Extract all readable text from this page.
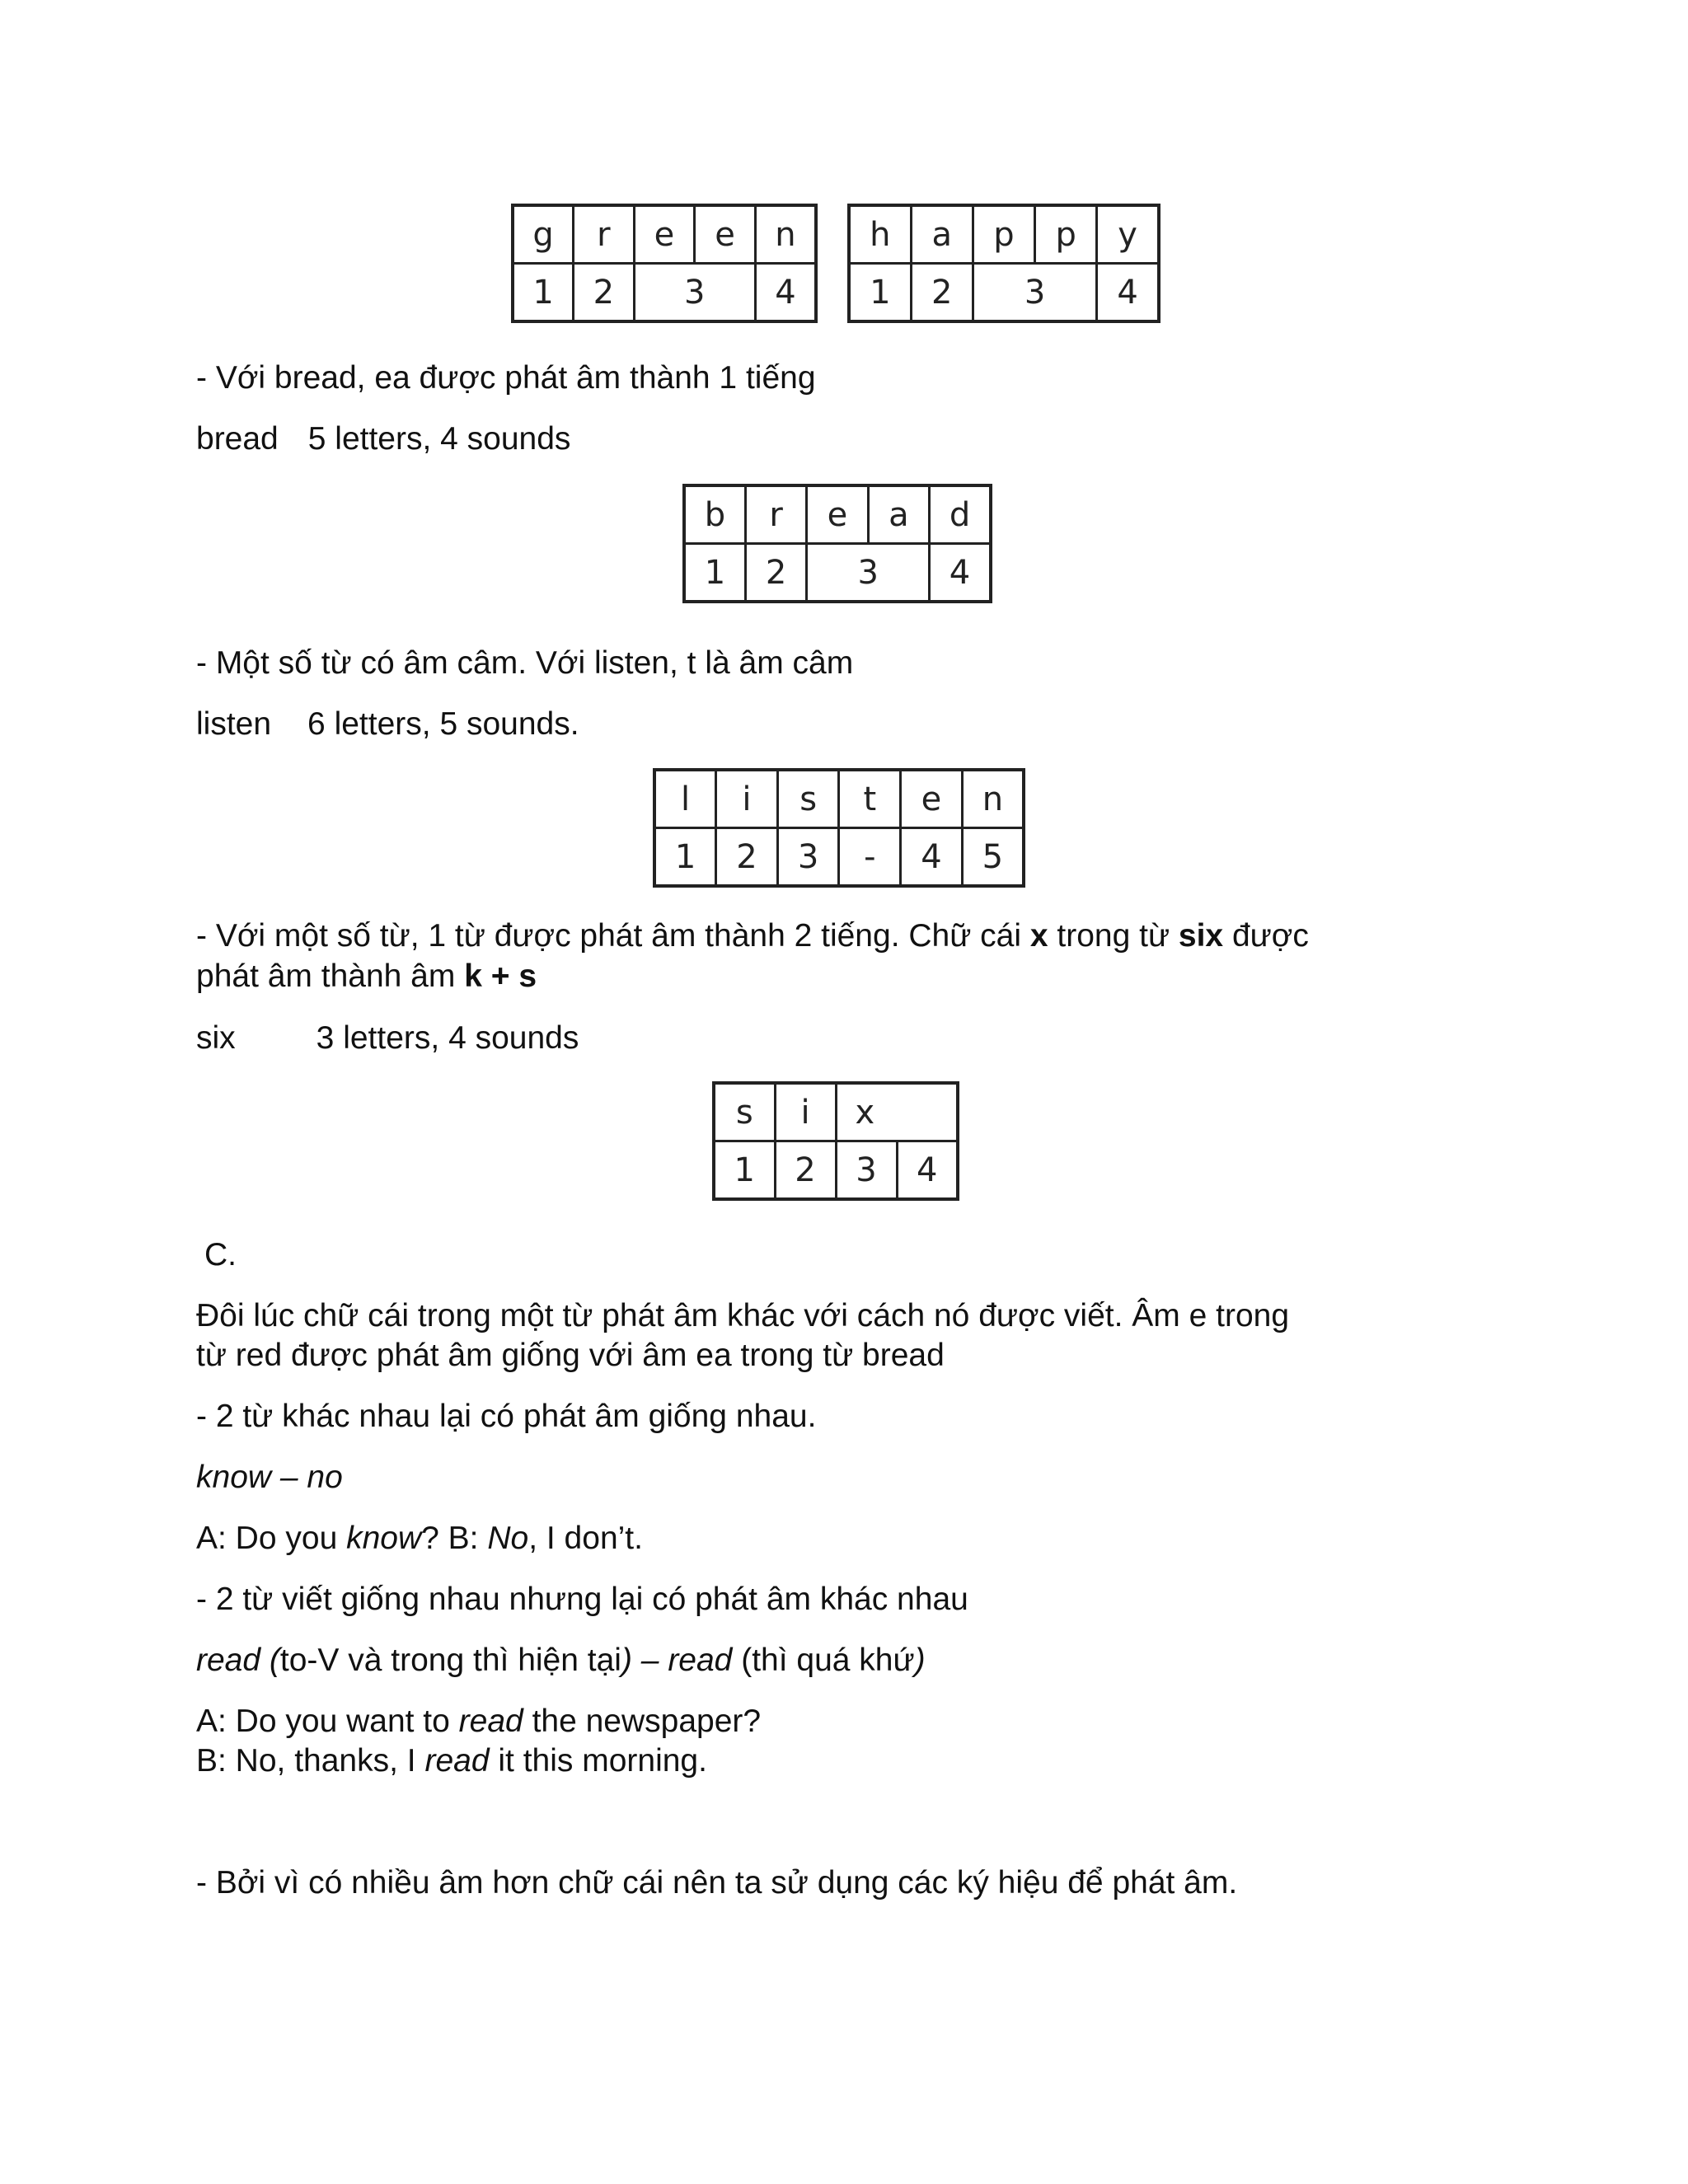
g	r	e	e	n
1	2	3		4
h	a	p	p	y
1	2	3		4

- Với bread, ea được phát âm thành 1 tiếng

bread 5 letters, 4 sounds

b	r	e	a	d
1	2	3		4

- Một số từ có âm câm. Với listen, t là âm câm

listen 6 letters, 5 sounds.

l	i	s	t	e	n
1	2	3	-	4	5

- Với một số từ, 1 từ được phát âm thành 2 tiếng. Chữ cái x trong từ six được

phát âm thành âm k + s

six	3 letters, 4 sounds

s	i	x	
1	2	3	4

C.

Đôi lúc chữ cái trong một từ phát âm khác với cách nó được viết. Âm e trong

từ red được phát âm giống với âm ea trong từ bread

- 2 từ khác nhau lại có phát âm giống nhau.

know – no

A: Do you know? B: No, I don’t.

- 2 từ viết giống nhau nhưng lại có phát âm khác nhau

read (to-V và trong thì hiện tại) – read (thì quá khứ)

A: Do you want to read the newspaper?

B: No, thanks, I read it this morning.

- Bởi vì có nhiều âm hơn chữ cái nên ta sử dụng các ký hiệu để phát âm.
